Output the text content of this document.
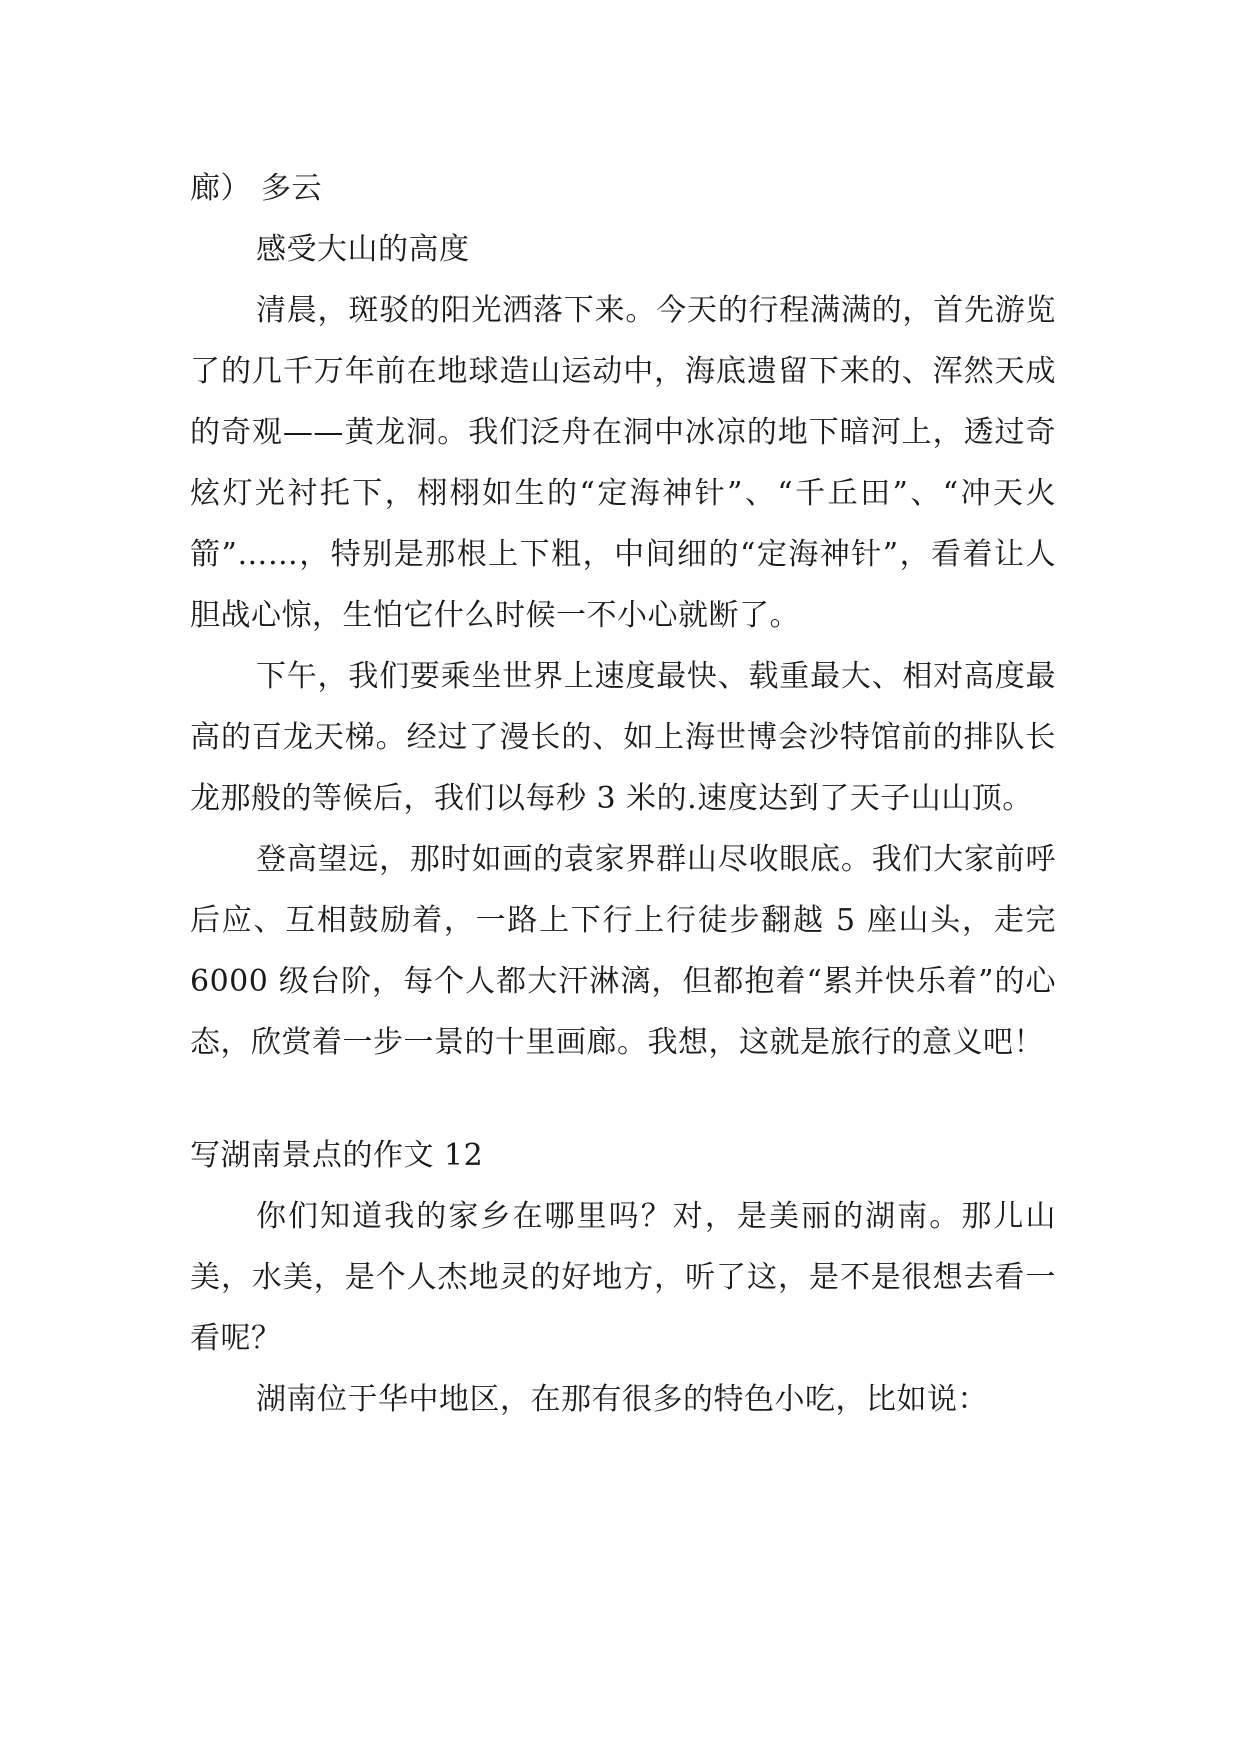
廊） 多云

感受大山的高度

清晨，斑驳的阳光洒落下来。今天的行程满满的，首先游览了的几千万年前在地球造山运动中，海底遗留下来的、浑然天成的奇观——黄龙洞。我们泛舟在洞中冰凉的地下暗河上，透过奇炫灯光衬托下，栩栩如生的“定海神针”、“千丘田”、“冲天火箭”……，特别是那根上下粗，中间细的“定海神针”，看着让人胆战心惊，生怕它什么时候一不小心就断了。

下午，我们要乘坐世界上速度最快、载重最大、相对高度最高的百龙天梯。经过了漫长的、如上海世博会沙特馆前的排队长龙那般的等候后，我们以每秒 3 米的.速度达到了天子山山顶。

登高望远，那时如画的袁家界群山尽收眼底。我们大家前呼后应、互相鼓励着，一路上下行上行徒步翻越 5 座山头，走完 6000 级台阶，每个人都大汗淋漓，但都抱着“累并快乐着”的心态，欣赏着一步一景的十里画廊。我想，这就是旅行的意义吧！

写湖南景点的作文 12

你们知道我的家乡在哪里吗？对，是美丽的湖南。那儿山美，水美，是个人杰地灵的好地方，听了这，是不是很想去看一看呢？

湖南位于华中地区，在那有很多的特色小吃，比如说：
